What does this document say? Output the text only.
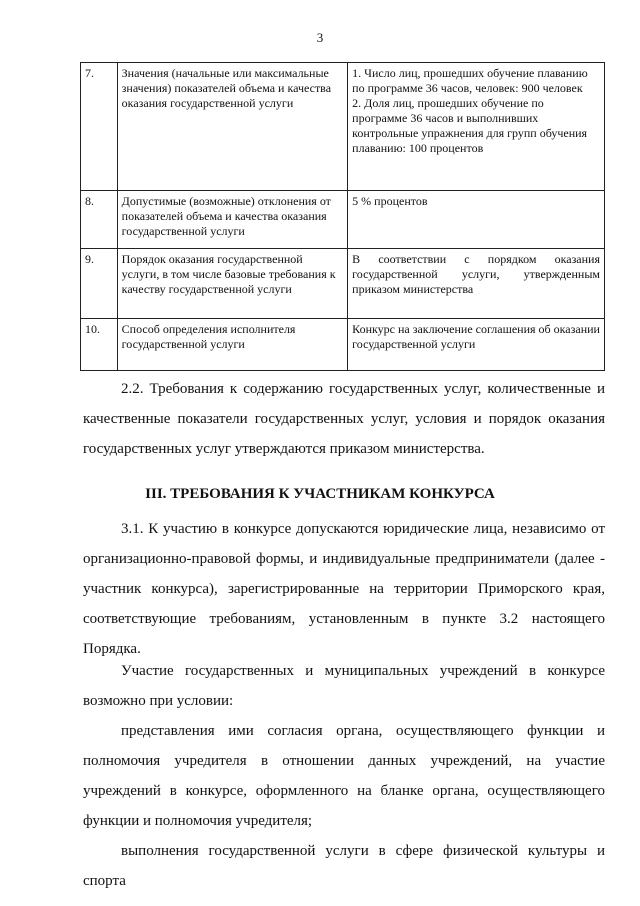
3
7.	Значения (начальные или максимальные значения) показателей объема и качества оказания государственной услуги	1. Число лиц, прошедших обучение плаванию по программе 36 часов, человек: 900 человек
2. Доля лиц, прошедших обучение по программе 36 часов и выполнивших контрольные упражнения для групп обучения плаванию: 100 процентов

8.	Допустимые (возможные) отклонения от показателей объема и качества оказания государственной услуги	5 % процентов

9.	Порядок оказания государственной услуги, в том числе базовые требования к качеству государственной услуги	В соответствии с порядком оказания государственной услуги, утвержденным приказом министерства

10.	Способ определения исполнителя государственной услуги	Конкурс на заключение соглашения об оказании государственной услуги

2.2. Требования к содержанию государственных услуг, количественные и качественные показатели государственных услуг, условия и порядок оказания государственных услуг утверждаются приказом министерства.

III. ТРЕБОВАНИЯ К УЧАСТНИКАМ КОНКУРСА

3.1. К участию в конкурсе допускаются юридические лица, независимо от организационно-правовой формы, и индивидуальные предприниматели (далее - участник конкурса), зарегистрированные на территории Приморского края, соответствующие требованиям, установленным в пункте 3.2 настоящего Порядка.

Участие государственных и муниципальных учреждений в конкурсе возможно при условии:

представления ими согласия органа, осуществляющего функции и полномочия учредителя в отношении данных учреждений, на участие учреждений в конкурсе, оформленного на бланке органа, осуществляющего функции и полномочия учредителя;

выполнения государственной услуги в сфере физической культуры и спорта
